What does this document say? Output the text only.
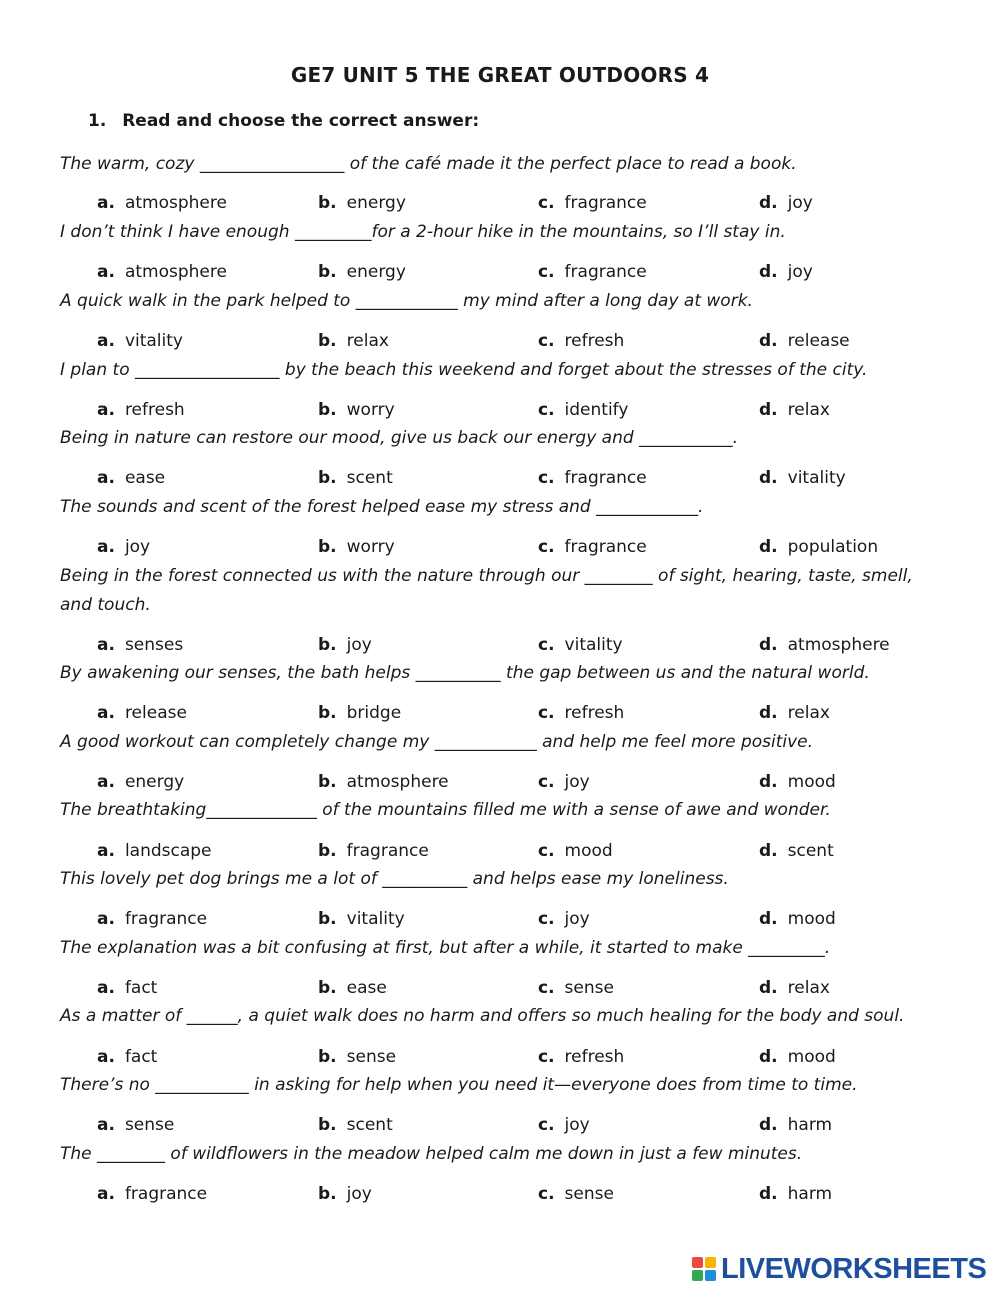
GE7 UNIT 5 THE GREAT OUTDOORS 4
1. Read and choose the correct answer:
The warm, cozy _________________ of the café made it the perfect place to read a book.
a. atmosphere	b. energy	c. fragrance	d. joy
I don’t think I have enough _________for a 2-hour hike in the mountains, so I’ll stay in.
a. atmosphere	b. energy	c. fragrance	d. joy
A quick walk in the park helped to ____________ my mind after a long day at work.
a. vitality	b. relax	c. refresh	d. release
I plan to _________________ by the beach this weekend and forget about the stresses of the city.
a. refresh	b. worry	c. identify	d. relax
Being in nature can restore our mood, give us back our energy and ___________.
a. ease	b. scent	c. fragrance	d. vitality
The sounds and scent of the forest helped ease my stress and ____________.
a. joy	b. worry	c. fragrance	d. population
Being in the forest connected us with the nature through our ________ of sight, hearing, taste, smell, and touch.
a. senses	b. joy	c. vitality	d. atmosphere
By awakening our senses, the bath helps __________ the gap between us and the natural world.
a. release	b. bridge	c. refresh	d. relax
A good workout can completely change my ____________ and help me feel more positive.
a. energy	b. atmosphere	c. joy	d. mood
The breathtaking_____________ of the mountains filled me with a sense of awe and wonder.
a. landscape	b. fragrance	c. mood	d. scent
This lovely pet dog brings me a lot of __________ and helps ease my loneliness.
a. fragrance	b. vitality	c. joy	d. mood
The explanation was a bit confusing at first, but after a while, it started to make _________.
a. fact	b. ease	c. sense	d. relax
As a matter of ______, a quiet walk does no harm and offers so much healing for the body and soul.
a. fact	b. sense	c. refresh	d. mood
There’s no ___________ in asking for help when you need it—everyone does from time to time.
a. sense	b. scent	c. joy	d. harm
The ________ of wildflowers in the meadow helped calm me down in just a few minutes.
a. fragrance	b. joy	c. sense	d. harm
LIVEWORKSHEETS
